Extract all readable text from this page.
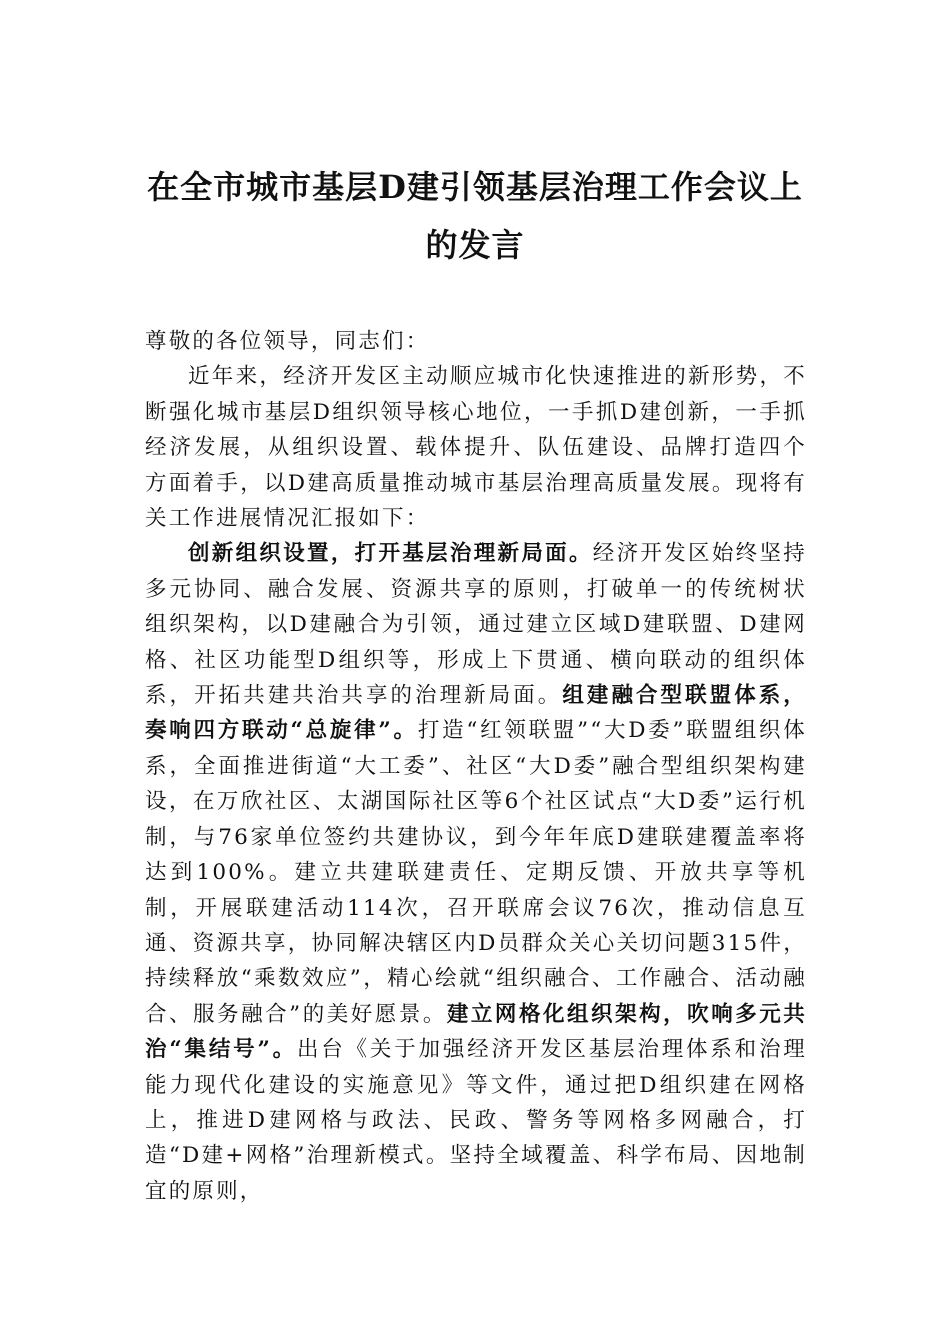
在全市城市基层D建引领基层治理工作会议上的发言

尊敬的各位领导，同志们：

近年来，经济开发区主动顺应城市化快速推进的新形势，不断强化城市基层D组织领导核心地位，一手抓D建创新，一手抓经济发展，从组织设置、载体提升、队伍建设、品牌打造四个方面着手，以D建高质量推动城市基层治理高质量发展。现将有关工作进展情况汇报如下：

创新组织设置，打开基层治理新局面。经济开发区始终坚持多元协同、融合发展、资源共享的原则，打破单一的传统树状组织架构，以D建融合为引领，通过建立区域D建联盟、D建网格、社区功能型D组织等，形成上下贯通、横向联动的组织体系，开拓共建共治共享的治理新局面。组建融合型联盟体系，奏响四方联动“总旋律”。打造“红领联盟”“大D委”联盟组织体系，全面推进街道“大工委”、社区“大D委”融合型组织架构建设，在万欣社区、太湖国际社区等6个社区试点“大D委”运行机制，与76家单位签约共建协议，到今年年底D建联建覆盖率将达到100%。建立共建联建责任、定期反馈、开放共享等机制，开展联建活动114次，召开联席会议76次，推动信息互通、资源共享，协同解决辖区内D员群众关心关切问题315件，持续释放“乘数效应”，精心绘就“组织融合、工作融合、活动融合、服务融合”的美好愿景。建立网格化组织架构，吹响多元共治“集结号”。出台《关于加强经济开发区基层治理体系和治理能力现代化建设的实施意见》等文件，通过把D组织建在网格上，推进D建网格与政法、民政、警务等网格多网融合，打造“D建+网格”治理新模式。坚持全域覆盖、科学布局、因地制宜的原则，
